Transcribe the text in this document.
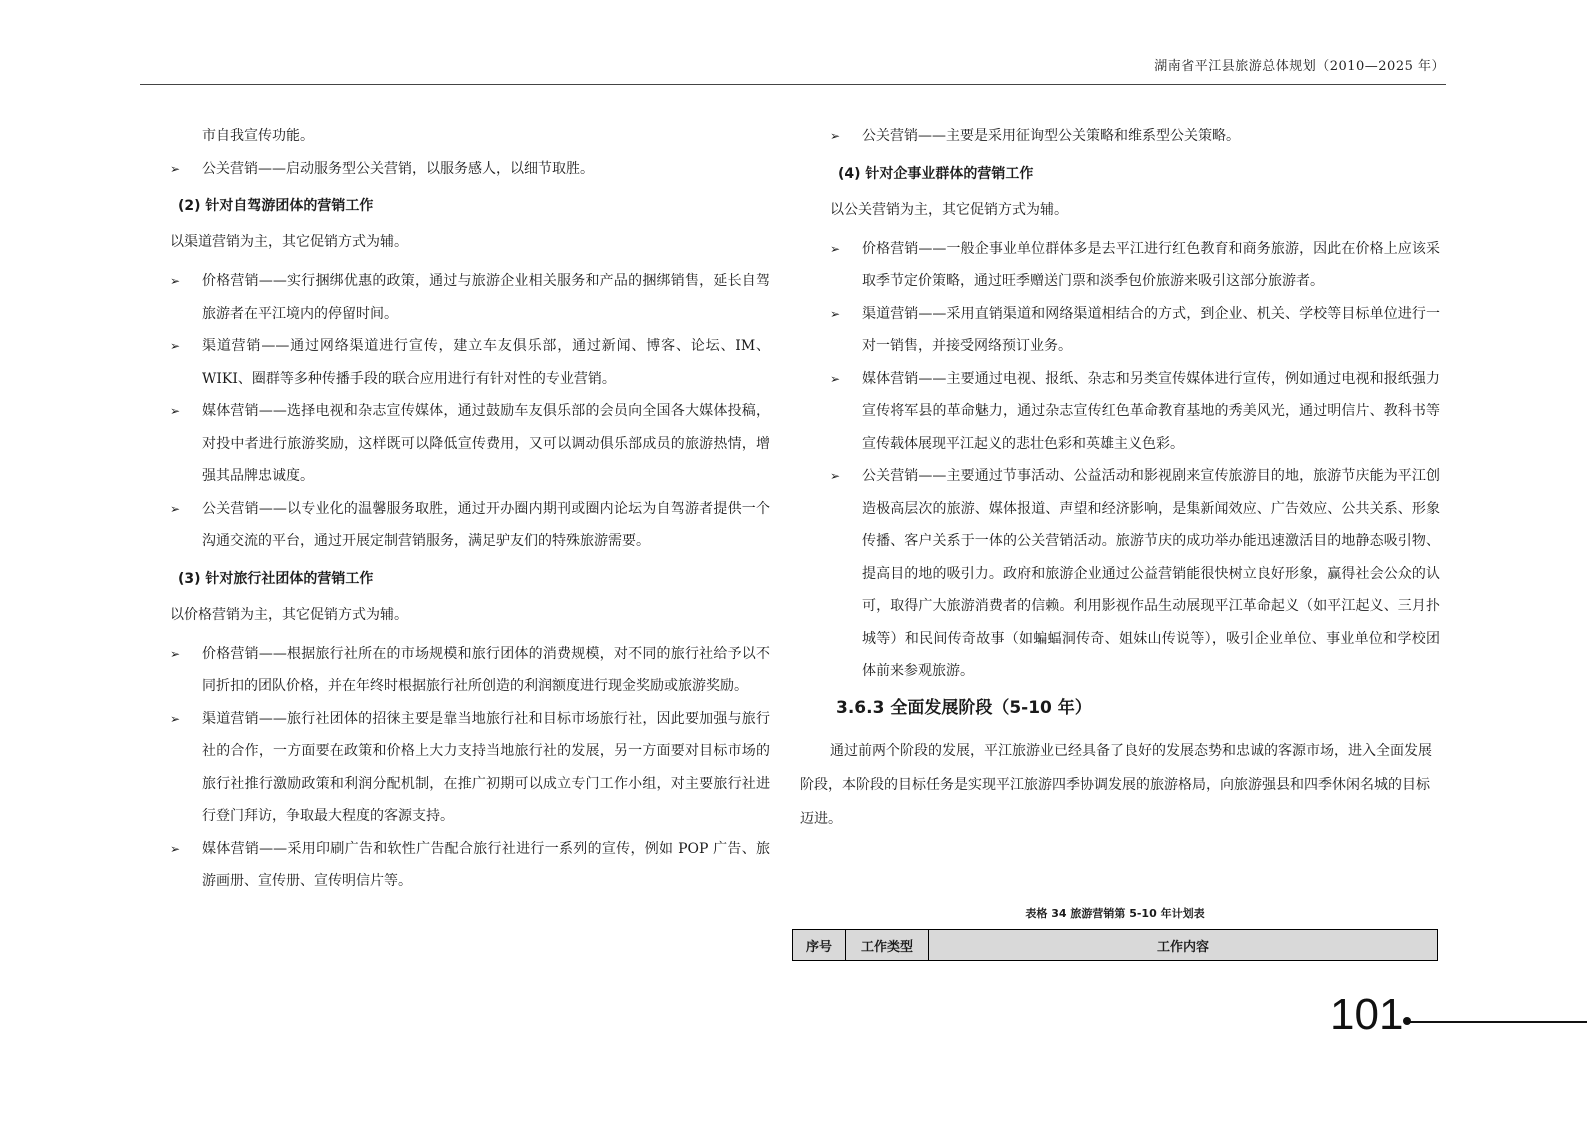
湖南省平江县旅游总体规划（2010—2025 年）

市自我宣传功能。

➢ 公关营销——启动服务型公关营销，以服务感人，以细节取胜。

(2) 针对自驾游团体的营销工作

以渠道营销为主，其它促销方式为辅。

➢ 价格营销——实行捆绑优惠的政策，通过与旅游企业相关服务和产品的捆绑销售，延长自驾旅游者在平江境内的停留时间。

➢ 渠道营销——通过网络渠道进行宣传，建立车友俱乐部，通过新闻、博客、论坛、IM、WIKI、圈群等多种传播手段的联合应用进行有针对性的专业营销。

➢ 媒体营销——选择电视和杂志宣传媒体，通过鼓励车友俱乐部的会员向全国各大媒体投稿，对投中者进行旅游奖励，这样既可以降低宣传费用，又可以调动俱乐部成员的旅游热情，增强其品牌忠诚度。

➢ 公关营销——以专业化的温馨服务取胜，通过开办圈内期刊或圈内论坛为自驾游者提供一个沟通交流的平台，通过开展定制营销服务，满足驴友们的特殊旅游需要。

(3) 针对旅行社团体的营销工作

以价格营销为主，其它促销方式为辅。

➢ 价格营销——根据旅行社所在的市场规模和旅行团体的消费规模，对不同的旅行社给予以不同折扣的团队价格，并在年终时根据旅行社所创造的利润额度进行现金奖励或旅游奖励。

➢ 渠道营销——旅行社团体的招徕主要是靠当地旅行社和目标市场旅行社，因此要加强与旅行社的合作，一方面要在政策和价格上大力支持当地旅行社的发展，另一方面要对目标市场的旅行社推行激励政策和利润分配机制，在推广初期可以成立专门工作小组，对主要旅行社进行登门拜访，争取最大程度的客源支持。

➢ 媒体营销——采用印刷广告和软性广告配合旅行社进行一系列的宣传，例如 POP 广告、旅游画册、宣传册、宣传明信片等。

➢ 公关营销——主要是采用征询型公关策略和维系型公关策略。

(4) 针对企事业群体的营销工作

以公关营销为主，其它促销方式为辅。

➢ 价格营销——一般企事业单位群体多是去平江进行红色教育和商务旅游，因此在价格上应该采取季节定价策略，通过旺季赠送门票和淡季包价旅游来吸引这部分旅游者。

➢ 渠道营销——采用直销渠道和网络渠道相结合的方式，到企业、机关、学校等目标单位进行一对一销售，并接受网络预订业务。

➢ 媒体营销——主要通过电视、报纸、杂志和另类宣传媒体进行宣传，例如通过电视和报纸强力宣传将军县的革命魅力，通过杂志宣传红色革命教育基地的秀美风光，通过明信片、教科书等宣传载体展现平江起义的悲壮色彩和英雄主义色彩。

➢ 公关营销——主要通过节事活动、公益活动和影视剧来宣传旅游目的地，旅游节庆能为平江创造极高层次的旅游、媒体报道、声望和经济影响，是集新闻效应、广告效应、公共关系、形象传播、客户关系于一体的公关营销活动。旅游节庆的成功举办能迅速激活目的地静态吸引物、提高目的地的吸引力。政府和旅游企业通过公益营销能很快树立良好形象，赢得社会公众的认可，取得广大旅游消费者的信赖。利用影视作品生动展现平江革命起义（如平江起义、三月扑城等）和民间传奇故事（如蝙蝠洞传奇、姐妹山传说等），吸引企业单位、事业单位和学校团体前来参观旅游。

3.6.3 全面发展阶段（5-10 年）

通过前两个阶段的发展，平江旅游业已经具备了良好的发展态势和忠诚的客源市场，进入全面发展阶段，本阶段的目标任务是实现平江旅游四季协调发展的旅游格局，向旅游强县和四季休闲名城的目标迈进。

表格 34 旅游营销第 5-10 年计划表
序号	工作类型	工作内容
101
